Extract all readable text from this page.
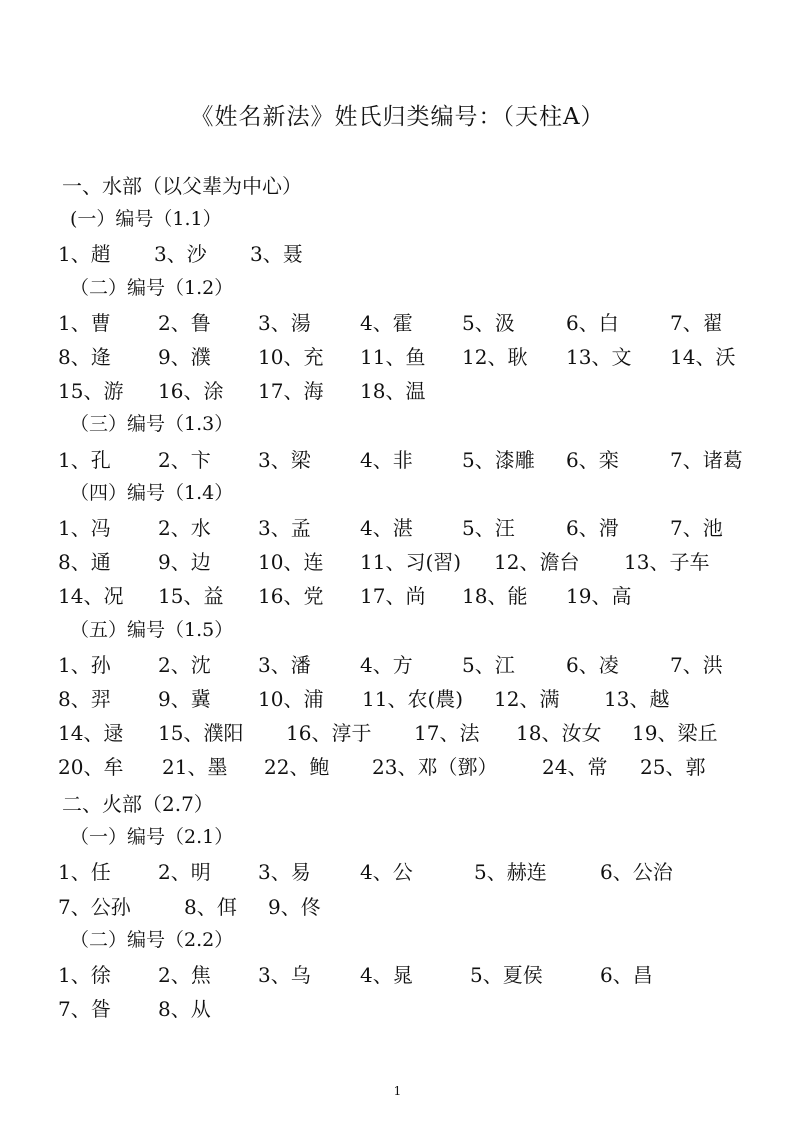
《姓名新法》姓氏归类编号：（天柱A）
一、水部（以父辈为中心）
(一）编号（1.1）
1、趙 3、沙 3、聂
（二）编号（1.2）
1、曹 2、鲁 3、湯 4、霍 5、汲	6、白	7、翟
8、逄 9、濮 10、充 11、鱼 12、耿 13、文 14、沃
15、游 16、涂 17、海 18、温
（三）编号（1.3）
1、孔 2、卞 3、梁 4、非 5、漆雕 6、栾	7、诸葛
（四）编号（1.4）
1、冯 2、水 3、孟 4、湛 5、汪	6、滑	7、池
8、通 9、边 10、连 11、习(習) 12、澹台 13、子车
14、况 15、益 16、党 17、尚 18、能 19、高
（五）编号（1.5）
1、孙 2、沈 3、潘 4、方 5、江	6、凌	7、洪
8、羿 9、冀 10、浦 11、农(農) 12、满 13、越
14、逯 15、濮阳 16、淳于 17、法 18、汝女 19、梁丘
20、牟 21、墨 22、鲍 23、邓（鄧） 24、常 25、郭
二、火部（2.7）
（一）编号（2.1）
1、任 2、明 3、易 4、公	5、赫连	6、公治
7、公孙	8、佴 9、佟
（二）编号（2.2）
1、徐 2、焦 3、乌 4、晁	5、夏侯	6、昌
7、昝 8、从
1
